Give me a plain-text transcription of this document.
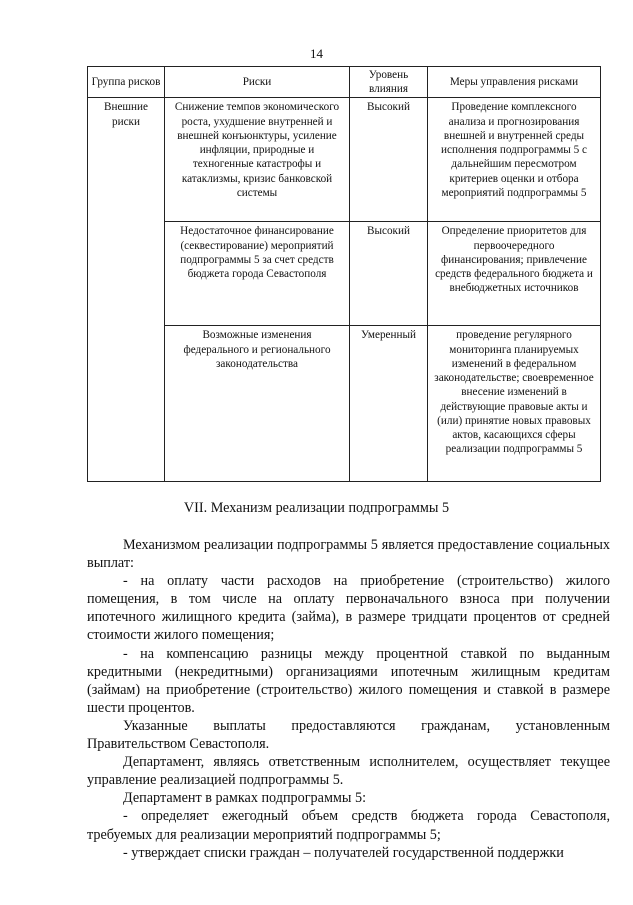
14
Группа рисков	Риски	Уровень влияния	Меры управления рисками
Внешние риски	Снижение темпов экономического роста, ухудшение внутренней и внешней конъюнктуры, усиление инфляции, природные и техногенные катастрофы и катаклизмы, кризис банковской системы	Высокий	Проведение комплексного анализа и прогнозирования внешней и внутренней среды исполнения подпрограммы 5 с дальнейшим пересмотром критериев оценки и отбора мероприятий подпрограммы 5
	Недостаточное финансирование (секвестирование) мероприятий подпрограммы 5 за счет средств бюджета города Севастополя	Высокий	Определение приоритетов для первоочередного финансирования; привлечение средств федерального бюджета и внебюджетных источников
	Возможные изменения федерального и регионального законодательства	Умеренный	проведение регулярного мониторинга планируемых изменений в федеральном законодательстве; своевременное внесение изменений в действующие правовые акты и (или) принятие новых правовых актов, касающихся сферы реализации подпрограммы 5
VII. Механизм реализации подпрограммы 5

Механизмом реализации подпрограммы 5 является предоставление социальных выплат:

- на оплату части расходов на приобретение (строительство) жилого помещения, в том числе на оплату первоначального взноса при получении ипотечного жилищного кредита (займа), в размере тридцати процентов от средней стоимости жилого помещения;

- на компенсацию разницы между процентной ставкой по выданным кредитными (некредитными) организациями ипотечным жилищным кредитам (займам) на приобретение (строительство) жилого помещения и ставкой в размере шести процентов.

Указанные выплаты предоставляются гражданам, установленным Правительством Севастополя.

Департамент, являясь ответственным исполнителем, осуществляет текущее управление реализацией подпрограммы 5.

Департамент в рамках подпрограммы 5:

- определяет ежегодный объем средств бюджета города Севастополя, требуемых для реализации мероприятий подпрограммы 5;

- утверждает списки граждан – получателей государственной поддержки
